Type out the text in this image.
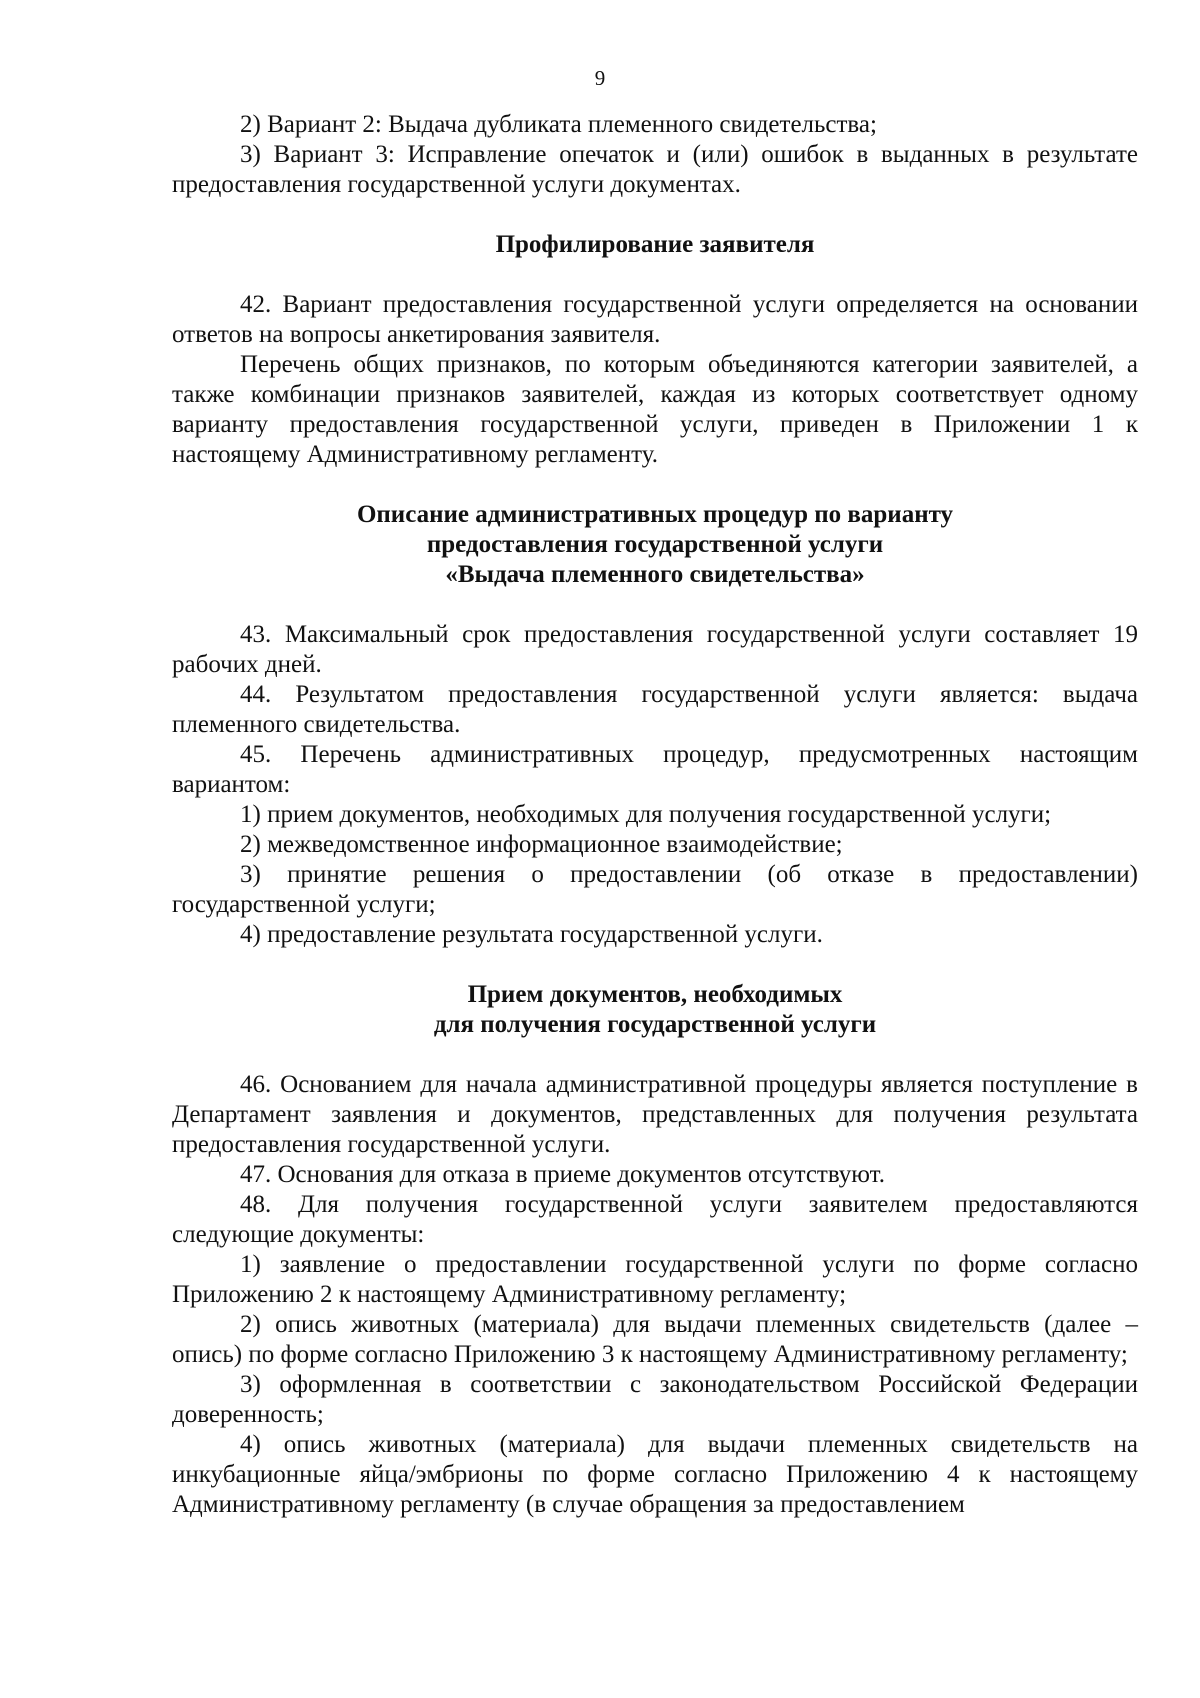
9

2) Вариант 2: Выдача дубликата племенного свидетельства;

3) Вариант 3: Исправление опечаток и (или) ошибок в выданных в результате предоставления государственной услуги документах.

Профилирование заявителя

42. Вариант предоставления государственной услуги определяется на основании ответов на вопросы анкетирования заявителя.

Перечень общих признаков, по которым объединяются категории заявителей, а также комбинации признаков заявителей, каждая из которых соответствует одному варианту предоставления государственной услуги, приведен в Приложении 1 к настоящему Административному регламенту.

Описание административных процедур по варианту

предоставления государственной услуги

«Выдача племенного свидетельства»

43. Максимальный срок предоставления государственной услуги составляет 19 рабочих дней.

44. Результатом предоставления государственной услуги является: выдача племенного свидетельства.

45. Перечень административных процедур, предусмотренных настоящим вариантом:

1) прием документов, необходимых для получения государственной услуги;

2) межведомственное информационное взаимодействие;

3) принятие решения о предоставлении (об отказе в предоставлении) государственной услуги;

4) предоставление результата государственной услуги.

Прием документов, необходимых

для получения государственной услуги

46. Основанием для начала административной процедуры является поступление в Департамент заявления и документов, представленных для получения результата предоставления государственной услуги.

47. Основания для отказа в приеме документов отсутствуют.

48. Для получения государственной услуги заявителем предоставляются следующие документы:

1) заявление о предоставлении государственной услуги по форме согласно Приложению 2 к настоящему Административному регламенту;

2) опись животных (материала) для выдачи племенных свидетельств (далее – опись) по форме согласно Приложению 3 к настоящему Административному регламенту;

3) оформленная в соответствии с законодательством Российской Федерации доверенность;

4) опись животных (материала) для выдачи племенных свидетельств на инкубационные яйца/эмбрионы по форме согласно Приложению 4 к настоящему Административному регламенту (в случае обращения за предоставлением
